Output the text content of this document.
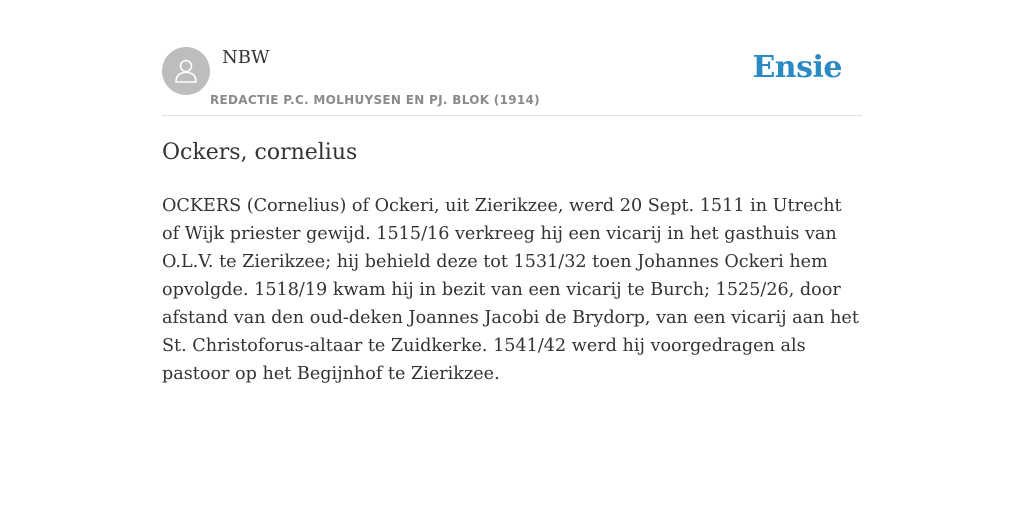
NBW
REDACTIE P.C. MOLHUYSEN EN PJ. BLOK (1914)
Ensie
Ockers, cornelius

OCKERS (Cornelius) of Ockeri, uit Zierikzee, werd 20 Sept. 1511 in Utrecht of Wijk priester gewijd. 1515/16 verkreeg hij een vicarij in het gasthuis van O.L.V. te Zierikzee; hij behield deze tot 1531/32 toen Johannes Ockeri hem opvolgde. 1518/19 kwam hij in bezit van een vicarij te Burch; 1525/26, door afstand van den oud-deken Joannes Jacobi de Brydorp, van een vicarij aan het St. Christoforus-altaar te Zuidkerke. 1541/42 werd hij voorgedragen als pastoor op het Begijnhof te Zierikzee.
